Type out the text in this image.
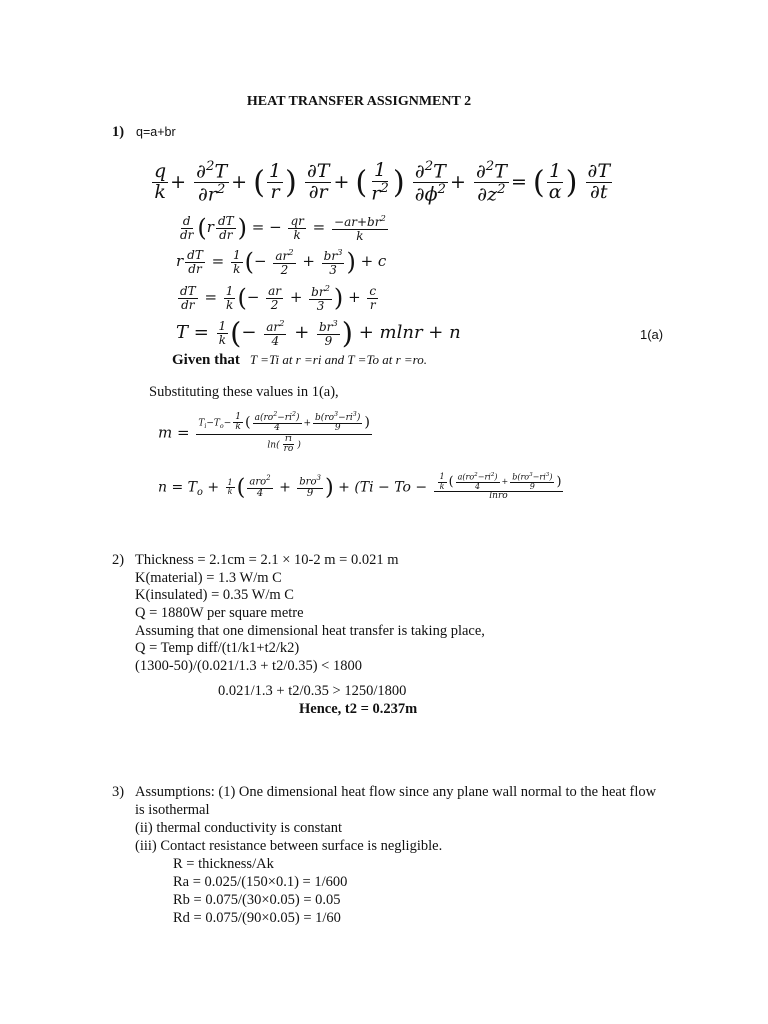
HEAT TRANSFER ASSIGNMENT 2
1) q=a+br
$\frac{q}{k} + \frac{\partial^2T}{\partial r^2}$ + ( $\frac{1}{r}$ ) $\frac{\partial T}{\partial r}$ + ( $\frac{1}{r^2}$ ) $\frac{\partial^2T}{\partial\phi^2} + \frac{\partial^2T}{\partial z^2}$ = ( $\frac{1}{\alpha}$ ) $\frac{\partial T}{\partial t}$
$\frac{d}{dr} (r \frac{dT}{dr}$ ) = − $\frac{qr}{k} = \frac{-ar+br^2}{k}$
r $\frac{dT}{dr} = \frac{1}{k}$ (− $\frac{ar^2}{2} + \frac{br^3}{3}$ ) + c
$\frac{dT}{dr} = \frac{1}{k}$ (− $\frac{ar}{2} + \frac{br^2}{3}$ ) + $\frac{c}{r}$
$T = \frac{1}{k}$ (− $\frac{ar^2}{4} + \frac{br^3}{9}$ ) + mlnr + n	1(a)
Given that T =Ti at r =ri and T =To at r =ro.
Substituting these values in 1(a),
$m = \frac{T_i-T_o- \frac{1}{k} ( \frac{a(ro^2-ri^2)}{4} + \frac{b(ro^3-ri^3)}{9} )}{\ln( \frac{ri}{ro} )}$
$n = T_o + \frac{1}{k}$ ( $\frac{aro^2}{4} + \frac{bro^3}{9}$ ) + ($Ti - To - \frac{\frac{1}{k} ( \frac{a(ro^2-ri^2)}{4} + \frac{b(ro^3-ri^3)}{9} )}{\text{lnro}}$
2) Thickness = 2.1cm = 2.1 × 10-2 m = 0.021 m
K(material) = 1.3 W/m C
K(insulated) = 0.35 W/m C
Q = 1880W per square metre
Assuming that one dimensional heat transfer is taking place,
Q = Temp diff/(t1/k1+t2/k2)
(1300-50)/(0.021/1.3 + t2/0.35) < 1800
0.021/1.3 + t2/0.35 > 1250/1800
Hence, t2 = 0.237m
3) Assumptions: (1) One dimensional heat flow since any plane wall normal to the heat flow
is isothermal
(ii) thermal conductivity is constant
(iii) Contact resistance between surface is negligible.
R = thickness/Ak
Ra = 0.025/(150×0.1) = 1/600
Rb = 0.075/(30×0.05) = 0.05
Rd = 0.075/(90×0.05) = 1/60
